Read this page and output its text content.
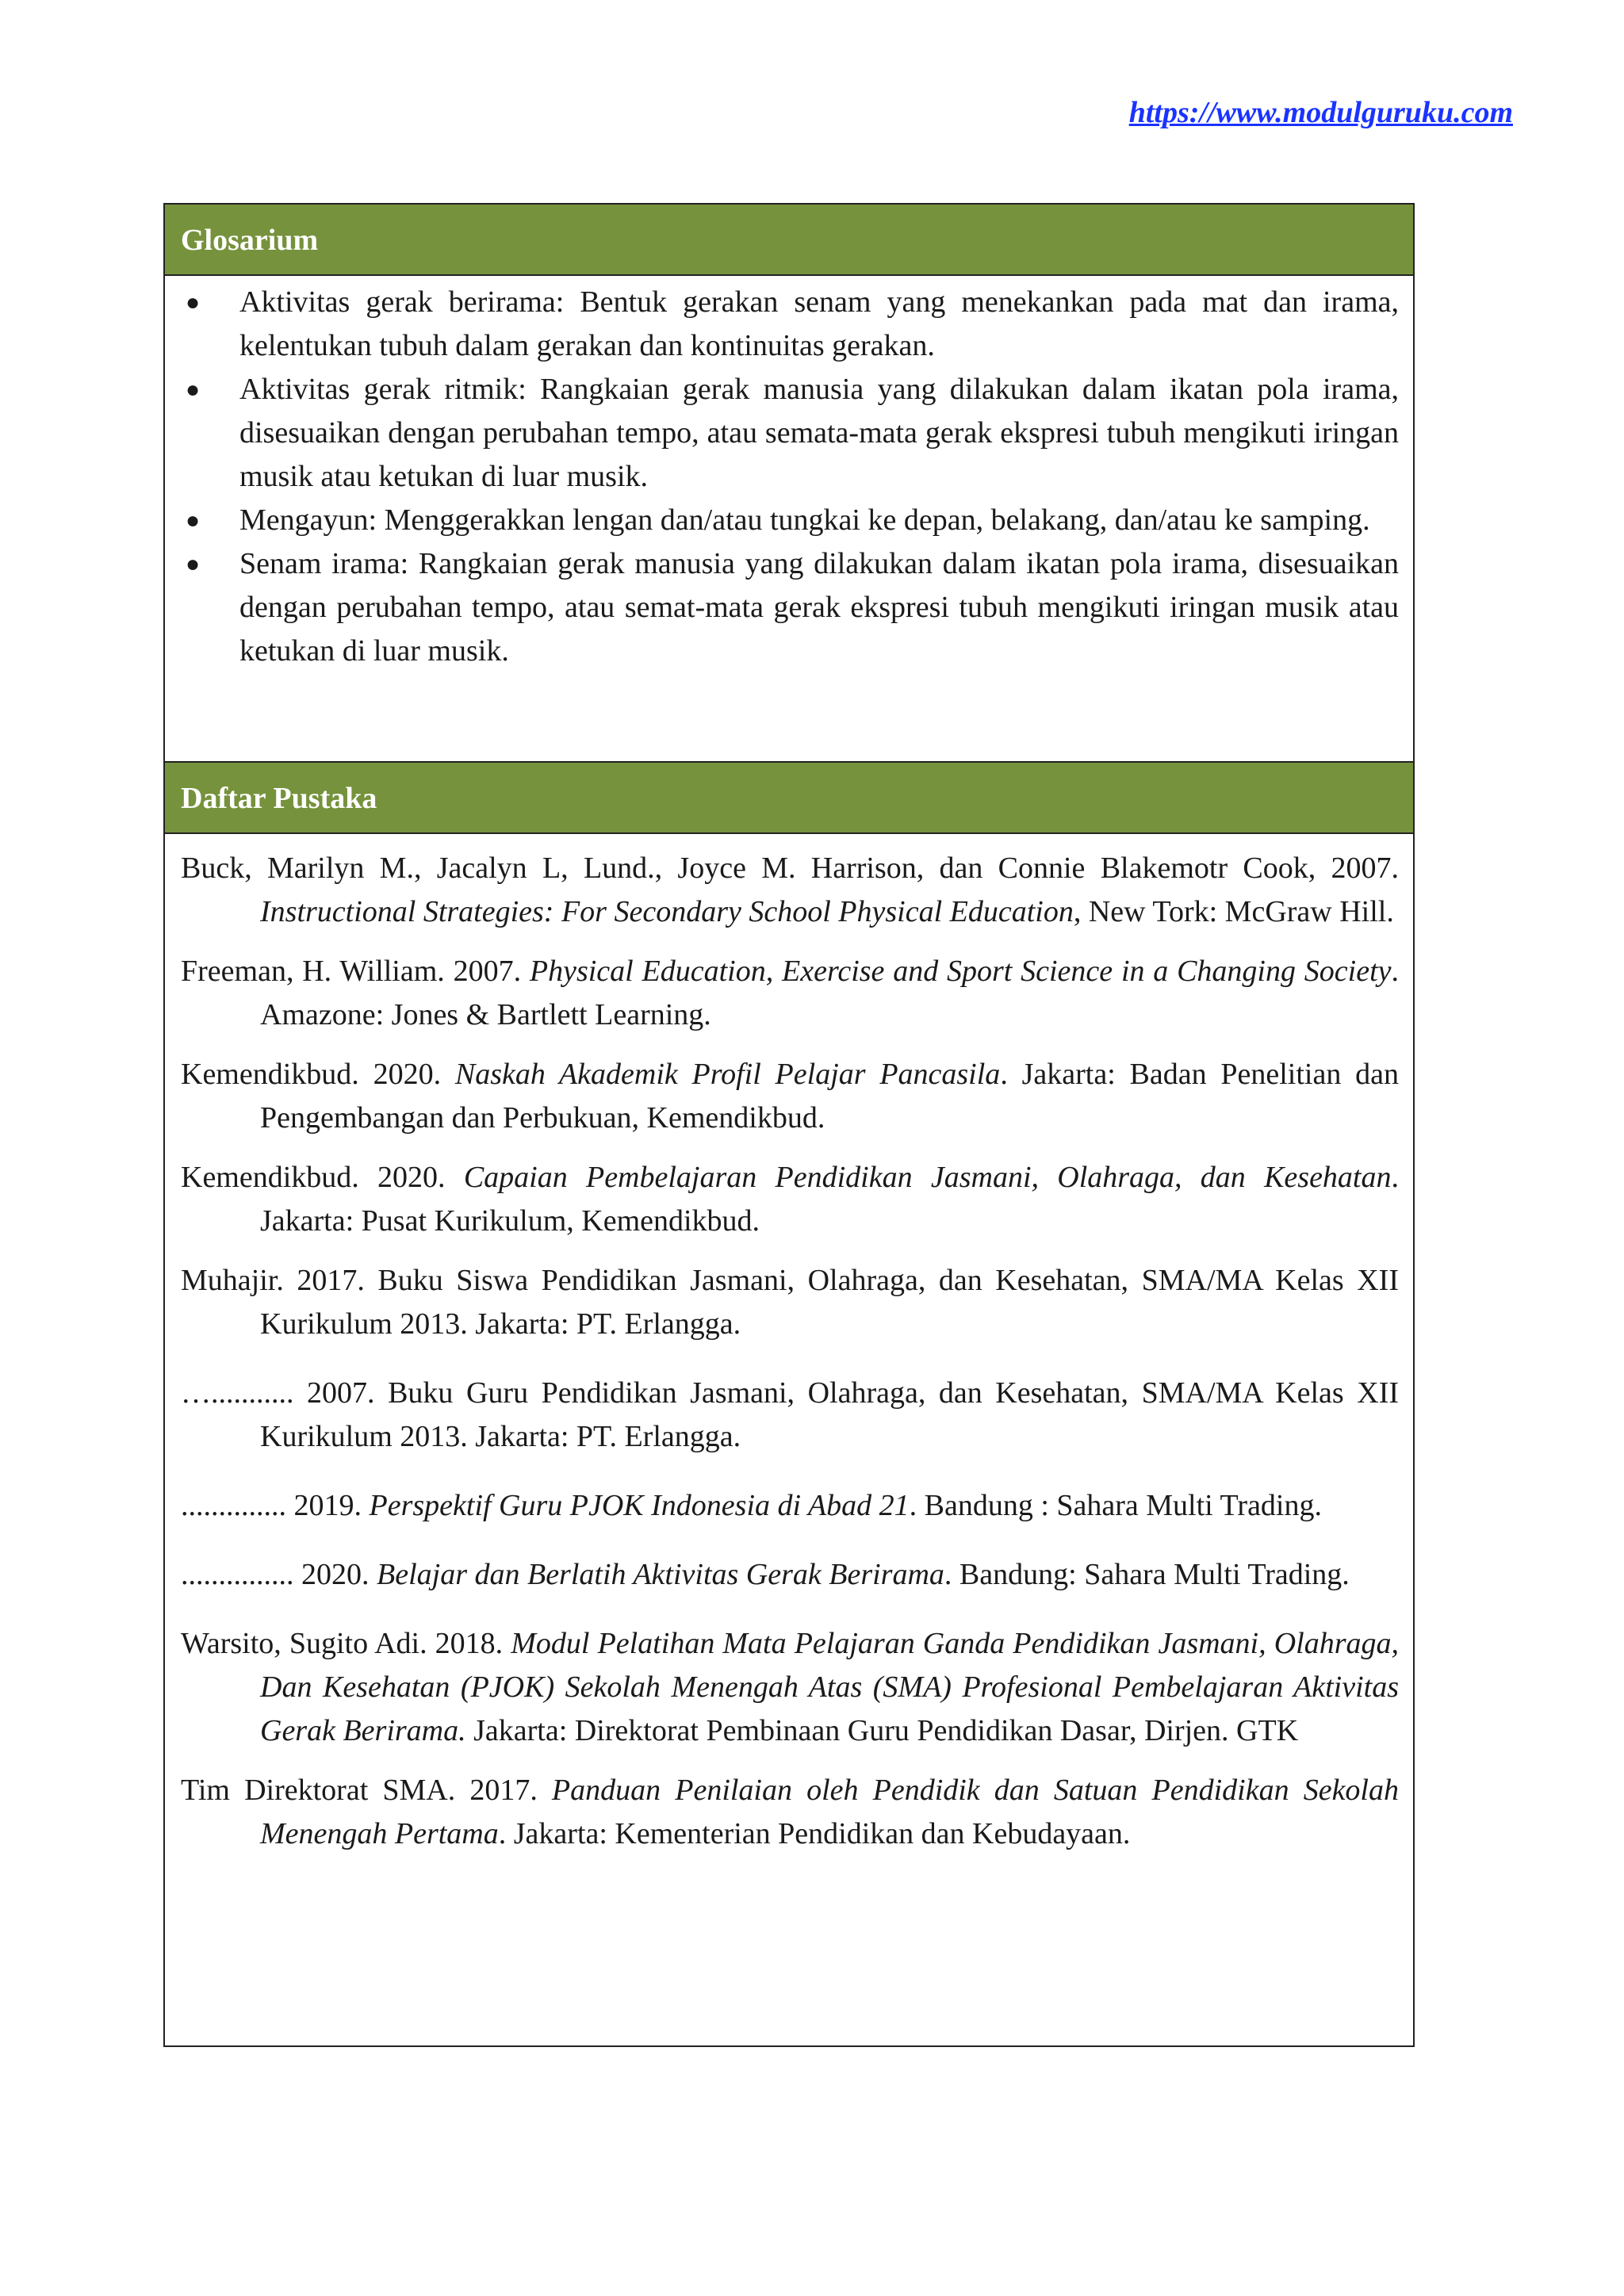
https://www.modulguruku.com
Glosarium
● Aktivitas gerak berirama: Bentuk gerakan senam yang menekankan pada mat dan irama, kelentukan tubuh dalam gerakan dan kontinuitas gerakan.
● Aktivitas gerak ritmik: Rangkaian gerak manusia yang dilakukan dalam ikatan pola irama, disesuaikan dengan perubahan tempo, atau semata-mata gerak ekspresi tubuh mengikuti iringan musik atau ketukan di luar musik.
● Mengayun: Menggerakkan lengan dan/atau tungkai ke depan, belakang, dan/atau ke samping.
● Senam irama: Rangkaian gerak manusia yang dilakukan dalam ikatan pola irama, disesuaikan dengan perubahan tempo, atau semat-mata gerak ekspresi tubuh mengikuti iringan musik atau ketukan di luar musik.
Daftar Pustaka
Buck, Marilyn M., Jacalyn L, Lund., Joyce M. Harrison, dan Connie Blakemotr Cook, 2007. Instructional Strategies: For Secondary School Physical Education, New Tork: McGraw Hill.
Freeman, H. William. 2007. Physical Education, Exercise and Sport Science in a Changing Society. Amazone: Jones & Bartlett Learning.
Kemendikbud. 2020. Naskah Akademik Profil Pelajar Pancasila. Jakarta: Badan Penelitian dan Pengembangan dan Perbukuan, Kemendikbud.
Kemendikbud. 2020. Capaian Pembelajaran Pendidikan Jasmani, Olahraga, dan Kesehatan. Jakarta: Pusat Kurikulum, Kemendikbud.
Muhajir. 2017. Buku Siswa Pendidikan Jasmani, Olahraga, dan Kesehatan, SMA/MA Kelas XII Kurikulum 2013. Jakarta: PT. Erlangga.
…........... 2007. Buku Guru Pendidikan Jasmani, Olahraga, dan Kesehatan, SMA/MA Kelas XII Kurikulum 2013. Jakarta: PT. Erlangga.
.............. 2019. Perspektif Guru PJOK Indonesia di Abad 21. Bandung : Sahara Multi Trading.
............... 2020. Belajar dan Berlatih Aktivitas Gerak Berirama. Bandung: Sahara Multi Trading.
Warsito, Sugito Adi. 2018. Modul Pelatihan Mata Pelajaran Ganda Pendidikan Jasmani, Olahraga, Dan Kesehatan (PJOK) Sekolah Menengah Atas (SMA) Profesional Pembelajaran Aktivitas Gerak Berirama. Jakarta: Direktorat Pembinaan Guru Pendidikan Dasar, Dirjen. GTK
Tim Direktorat SMA. 2017. Panduan Penilaian oleh Pendidik dan Satuan Pendidikan Sekolah Menengah Pertama. Jakarta: Kementerian Pendidikan dan Kebudayaan.
